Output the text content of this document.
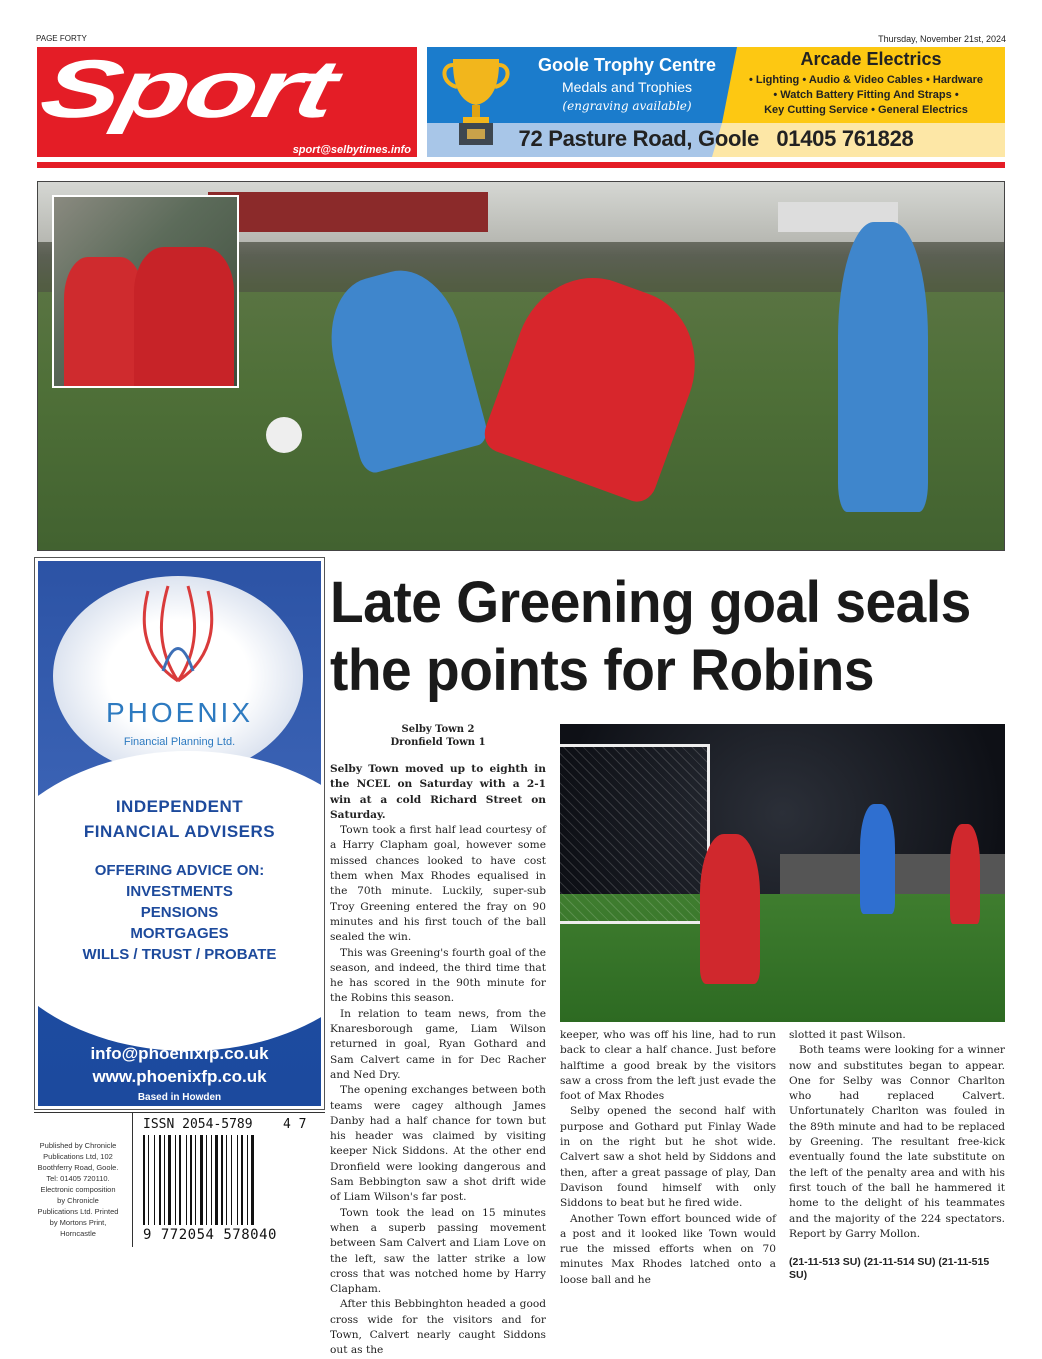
PAGE FORTY	Thursday, November 21st, 2024
Sport
sport@selbytimes.info
Goole Trophy Centre
Medals and Trophies
(engraving available)
Arcade Electrics
• Lighting • Audio & Video Cables • Hardware
• Watch Battery Fitting And Straps •
Key Cutting Service • General Electrics
72 Pasture Road, Goole 01405 761828
PHOENIX
Financial Planning Ltd.
INDEPENDENT
FINANCIAL ADVISERS
OFFERING ADVICE ON:
INVESTMENTS
PENSIONS
MORTGAGES
WILLS / TRUST / PROBATE
01430 265046
info@phoenixfp.co.uk
www.phoenixfp.co.uk
Based in Howden
Late Greening goal seals
the points for Robins
Selby Town 2
Dronfield Town 1

Selby Town moved up to eighth in the NCEL on Saturday with a 2-1 win at a cold Richard Street on Saturday.

Town took a first half lead courtesy of a Harry Clapham goal, however some missed chances looked to have cost them when Max Rhodes equalised in the 70th minute. Luckily, super-sub Troy Greening entered the fray on 90 minutes and his first touch of the ball sealed the win.

This was Greening's fourth goal of the season, and indeed, the third time that he has scored in the 90th minute for the Robins this season.

In relation to team news, from the Knaresborough game, Liam Wilson returned in goal, Ryan Gothard and Sam Calvert came in for Dec Racher and Ned Dry.

The opening exchanges between both teams were cagey although James Danby had a half chance for town but his header was claimed by visiting keeper Nick Siddons. At the other end Dronfield were looking dangerous and Sam Bebbington saw a shot drift wide of Liam Wilson's far post.

Town took the lead on 15 minutes when a superb passing movement between Sam Calvert and Liam Love on the left, saw the latter strike a low cross that was notched home by Harry Clapham.

After this Bebbinghton headed a good cross wide for the visitors and for Town, Calvert nearly caught Siddons out as the

keeper, who was off his line, had to run back to clear a half chance. Just before halftime a good break by the visitors saw a cross from the left just evade the foot of Max Rhodes

Selby opened the second half with purpose and Gothard put Finlay Wade in on the right but he shot wide. Calvert saw a shot held by Siddons and then, after a great passage of play, Dan Davison found himself with only Siddons to beat but he fired wide.

Another Town effort bounced wide of a post and it looked like Town would rue the missed efforts when on 70 minutes Max Rhodes latched onto a loose ball and he

slotted it past Wilson.

Both teams were looking for a winner now and substitutes began to appear. One for Selby was Connor Charlton who had replaced Calvert. Unfortunately Charlton was fouled in the 89th minute and had to be replaced by Greening. The resultant free-kick eventually found the late substitute on the left of the penalty area and with his first touch of the ball he hammered it home to the delight of his teammates and the majority of the 224 spectators. Report by Garry Mollon.

(21-11-513 SU) (21-11-514 SU) (21-11-515 SU)
Published by Chronicle Publications Ltd, 102 Boothferry Road, Goole. Tel: 01405 720110. Electronic composition by Chronicle Publications Ltd. Printed by Mortons Print, Horncastle
ISSN 2054-5789 4 7
9 772054 578040
